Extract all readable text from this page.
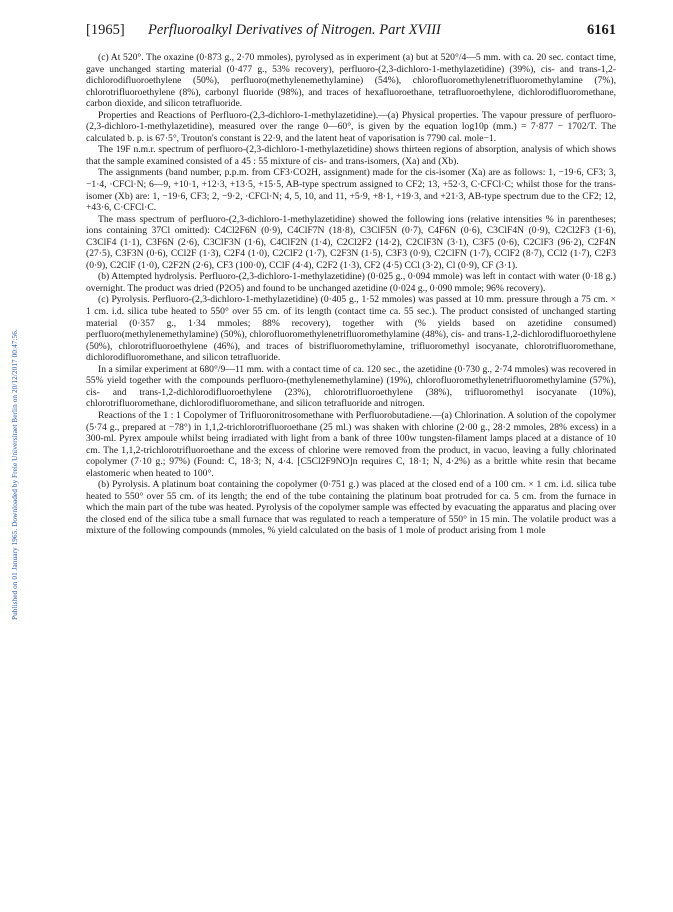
Published on 01 January 1965. Downloaded by Freie Universitaet Berlin on 20/12/2017 00:47:56.
[1965] Perfluoroalkyl Derivatives of Nitrogen. Part XVIII	6161

(c) At 520°. The oxazine (0·873 g., 2·70 mmoles), pyrolysed as in experiment (a) but at 520°/4—5 mm. with ca. 20 sec. contact time, gave unchanged starting material (0·477 g., 53% recovery), perfluoro-(2,3-dichloro-1-methylazetidine) (39%), cis- and trans-1,2-dichlorodifluoroethylene (50%), perfluoro(methylenemethylamine) (54%), chlorofluoromethylenetrifluoromethylamine (7%), chlorotrifluoroethylene (8%), carbonyl fluoride (98%), and traces of hexafluoroethane, tetrafluoroethylene, dichlorodifluoromethane, carbon dioxide, and silicon tetrafluoride.

Properties and Reactions of Perfluoro-(2,3-dichloro-1-methylazetidine).—(a) Physical properties. The vapour pressure of perfluoro-(2,3-dichloro-1-methylazetidine), measured over the range 0—60°, is given by the equation log10p (mm.) = 7·877 − 1702/T. The calculated b. p. is 67·5°, Trouton's constant is 22·9, and the latent heat of vaporisation is 7790 cal. mole−1.

The 19F n.m.r. spectrum of perfluoro-(2,3-dichloro-1-methylazetidine) shows thirteen regions of absorption, analysis of which shows that the sample examined consisted of a 45 : 55 mixture of cis- and trans-isomers, (Xa) and (Xb).

The assignments (band number, p.p.m. from CF3·CO2H, assignment) made for the cis-isomer (Xa) are as follows: 1, −19·6, CF3; 3, −1·4, ·CFCl·N; 6—9, +10·1, +12·3, +13·5, +15·5, AB-type spectrum assigned to CF2; 13, +52·3, C·CFCl·C; whilst those for the trans-isomer (Xb) are: 1, −19·6, CF3; 2, −9·2, ·CFCl·N; 4, 5, 10, and 11, +5·9, +8·1, +19·3, and +21·3, AB-type spectrum due to the CF2; 12, +43·6, C·CFCl·C.

The mass spectrum of perfluoro-(2,3-dichloro-1-methylazetidine) showed the following ions (relative intensities % in parentheses; ions containing 37Cl omitted): C4Cl2F6N (0·9), C4ClF7N (18·8), C3ClF5N (0·7), C4F6N (0·6), C3ClF4N (0·9), C2Cl2F3 (1·6), C3ClF4 (1·1), C3F6N (2·6), C3ClF3N (1·6), C4ClF2N (1·4), C2Cl2F2 (14·2), C2ClF3N (3·1), C3F5 (0·6), C2ClF3 (96·2), C2F4N (27·5), C3F3N (0·6), CCl2F (1·3), C2F4 (1·0), C2ClF2 (1·7), C2F3N (1·5), C3F3 (0·9), C2ClFN (1·7), CClF2 (8·7), CCl2 (1·7), C2F3 (0·9), C2ClF (1·0), C2F2N (2·6), CF3 (100·0), CClF (4·4), C2F2 (1·3), CF2 (4·5) CCl (3·2), Cl (0·9), CF (3·1).

(b) Attempted hydrolysis. Perfluoro-(2,3-dichloro-1-methylazetidine) (0·025 g., 0·094 mmole) was left in contact with water (0·18 g.) overnight. The product was dried (P2O5) and found to be unchanged azetidine (0·024 g., 0·090 mmole; 96% recovery).

(c) Pyrolysis. Perfluoro-(2,3-dichloro-1-methylazetidine) (0·405 g., 1·52 mmoles) was passed at 10 mm. pressure through a 75 cm. × 1 cm. i.d. silica tube heated to 550° over 55 cm. of its length (contact time ca. 55 sec.). The product consisted of unchanged starting material (0·357 g., 1·34 mmoles; 88% recovery), together with (% yields based on azetidine consumed) perfluoro(methylenemethylamine) (50%), chlorofluoromethylenetrifluoromethylamine (48%), cis- and trans-1,2-dichlorodifluoroethylene (50%), chlorotrifluoroethylene (46%), and traces of bistrifluoromethylamine, trifluoromethyl isocyanate, chlorotrifluoromethane, dichlorodifluoromethane, and silicon tetrafluoride.

In a similar experiment at 680°/9—11 mm. with a contact time of ca. 120 sec., the azetidine (0·730 g., 2·74 mmoles) was recovered in 55% yield together with the compounds perfluoro-(methylenemethylamine) (19%), chlorofluoromethylenetrifluoromethylamine (57%), cis- and trans-1,2-dichlorodifluoroethylene (23%), chlorotrifluoroethylene (38%), trifluoromethyl isocyanate (10%), chlorotrifluoromethane, dichlorodifluoromethane, and silicon tetrafluoride and nitrogen.

Reactions of the 1 : 1 Copolymer of Trifluoronitrosomethane with Perfluorobutadiene.—(a) Chlorination. A solution of the copolymer (5·74 g., prepared at −78°) in 1,1,2-trichlorotrifluoroethane (25 ml.) was shaken with chlorine (2·00 g., 28·2 mmoles, 28% excess) in a 300-ml. Pyrex ampoule whilst being irradiated with light from a bank of three 100w tungsten-filament lamps placed at a distance of 10 cm. The 1,1,2-trichlorotrifluoroethane and the excess of chlorine were removed from the product, in vacuo, leaving a fully chlorinated copolymer (7·10 g.; 97%) (Found: C, 18·3; N, 4·4. [C5Cl2F9NO]n requires C, 18·1; N, 4·2%) as a brittle white resin that became elastomeric when heated to 100°.

(b) Pyrolysis. A platinum boat containing the copolymer (0·751 g.) was placed at the closed end of a 100 cm. × 1 cm. i.d. silica tube heated to 550° over 55 cm. of its length; the end of the tube containing the platinum boat protruded for ca. 5 cm. from the furnace in which the main part of the tube was heated. Pyrolysis of the copolymer sample was effected by evacuating the apparatus and placing over the closed end of the silica tube a small furnace that was regulated to reach a temperature of 550° in 15 min. The volatile product was a mixture of the following compounds (mmoles, % yield calculated on the basis of 1 mole of product arising from 1 mole
